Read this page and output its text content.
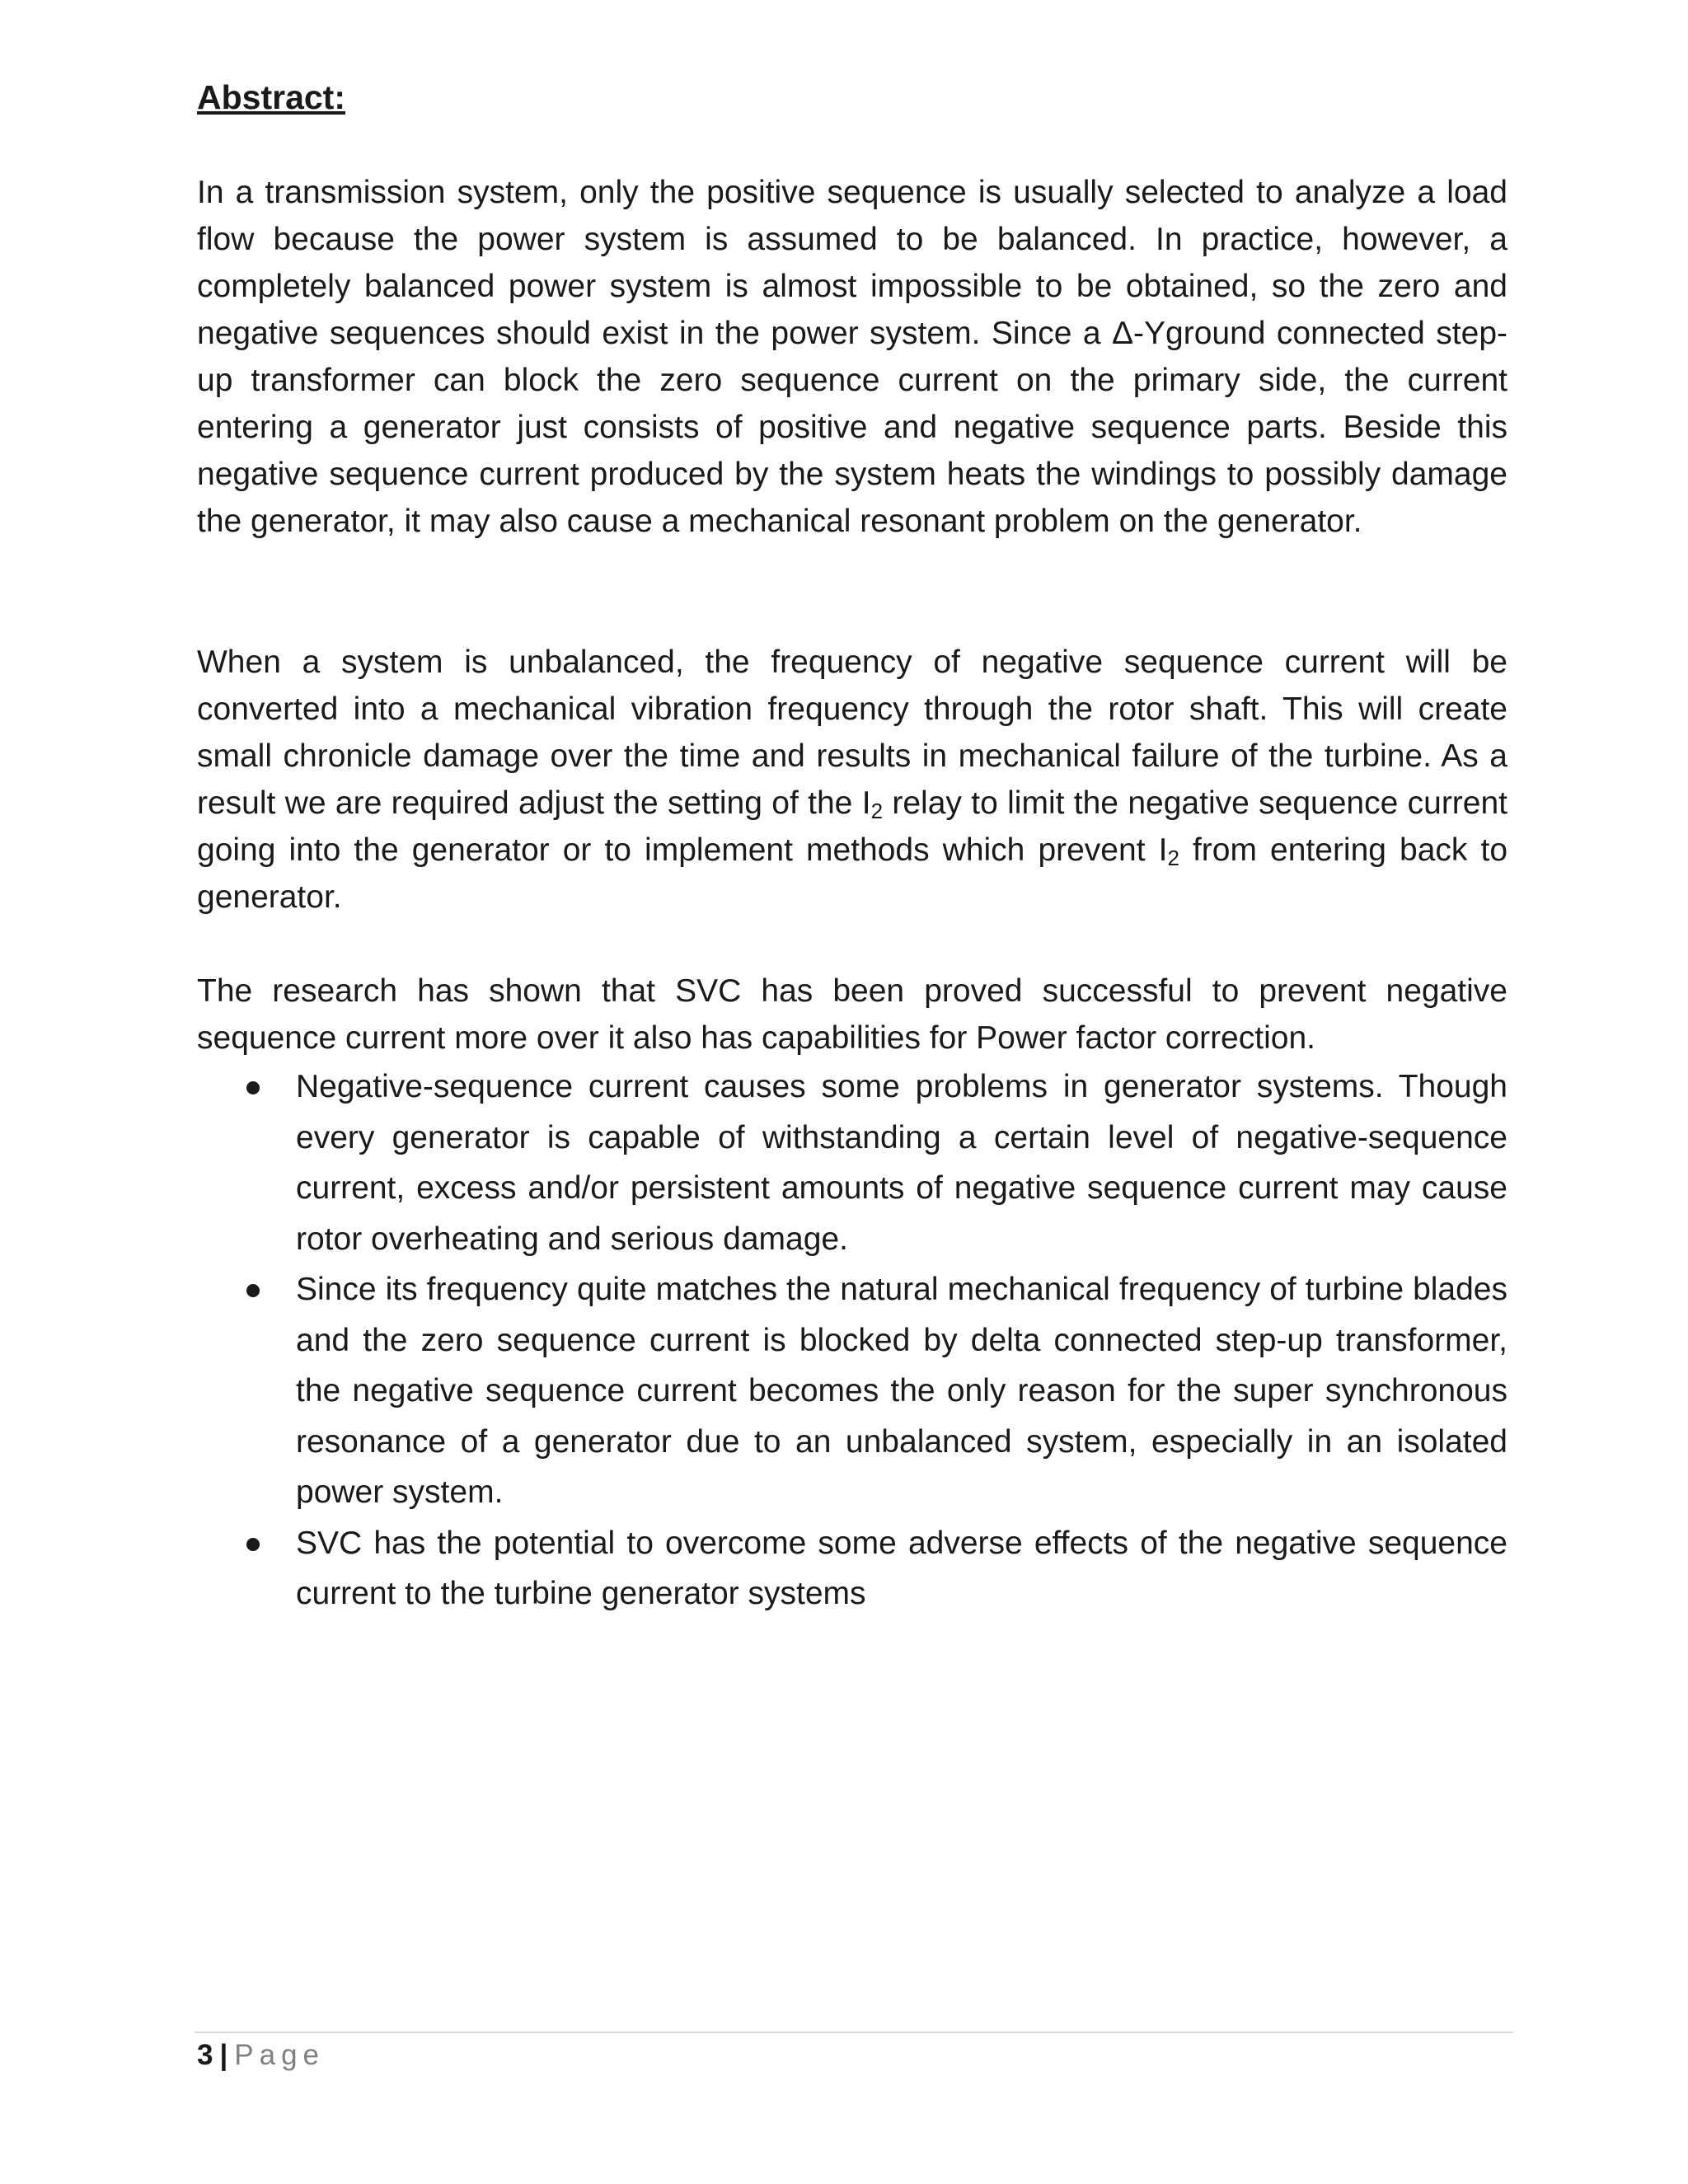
Abstract:

In a transmission system, only the positive sequence is usually selected to analyze a load flow because the power system is assumed to be balanced. In practice, however, a completely balanced power system is almost impossible to be obtained, so the zero and negative sequences should exist in the power system. Since a Δ-Yground connected step-up transformer can block the zero sequence current on the primary side, the current entering a generator just consists of positive and negative sequence parts. Beside this negative sequence current produced by the system heats the windings to possibly damage the generator, it may also cause a mechanical resonant problem on the generator.

When a system is unbalanced, the frequency of negative sequence current will be converted into a mechanical vibration frequency through the rotor shaft. This will create small chronicle damage over the time and results in mechanical failure of the turbine. As a result we are required adjust the setting of the $I_2$ relay to limit the negative sequence current going into the generator or to implement methods which prevent $I_2$ from entering back to generator.

The research has shown that SVC has been proved successful to prevent negative sequence current more over it also has capabilities for Power factor correction.

Negative-sequence current causes some problems in generator systems. Though every generator is capable of withstanding a certain level of negative-sequence current, excess and/or persistent amounts of negative sequence current may cause rotor overheating and serious damage.
Since its frequency quite matches the natural mechanical frequency of turbine blades and the zero sequence current is blocked by delta connected step-up transformer, the negative sequence current becomes the only reason for the super synchronous resonance of a generator due to an unbalanced system, especially in an isolated power system.
SVC has the potential to overcome some adverse effects of the negative sequence current to the turbine generator systems
3 | Page
